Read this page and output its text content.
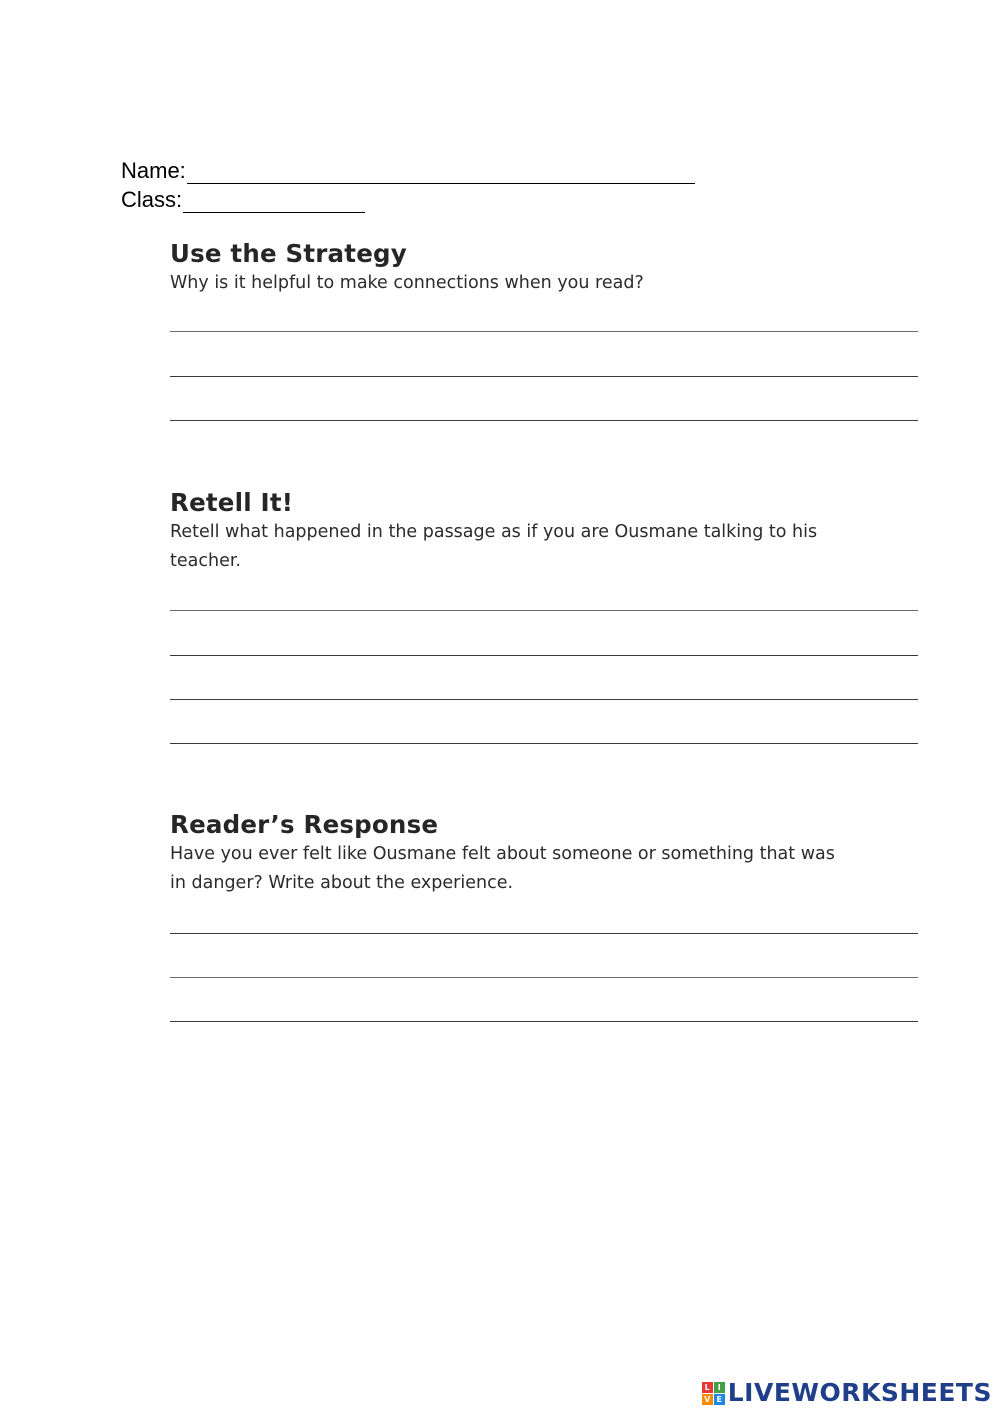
Name:
Class:
Use the Strategy

Why is it helpful to make connections when you read?

Retell It!

Retell what happened in the passage as if you are Ousmane talking to his

teacher.

Reader’s Response

Have you ever felt like Ousmane felt about someone or something that was

in danger? Write about the experience.

L I
V E LIVEWORKSHEETS
